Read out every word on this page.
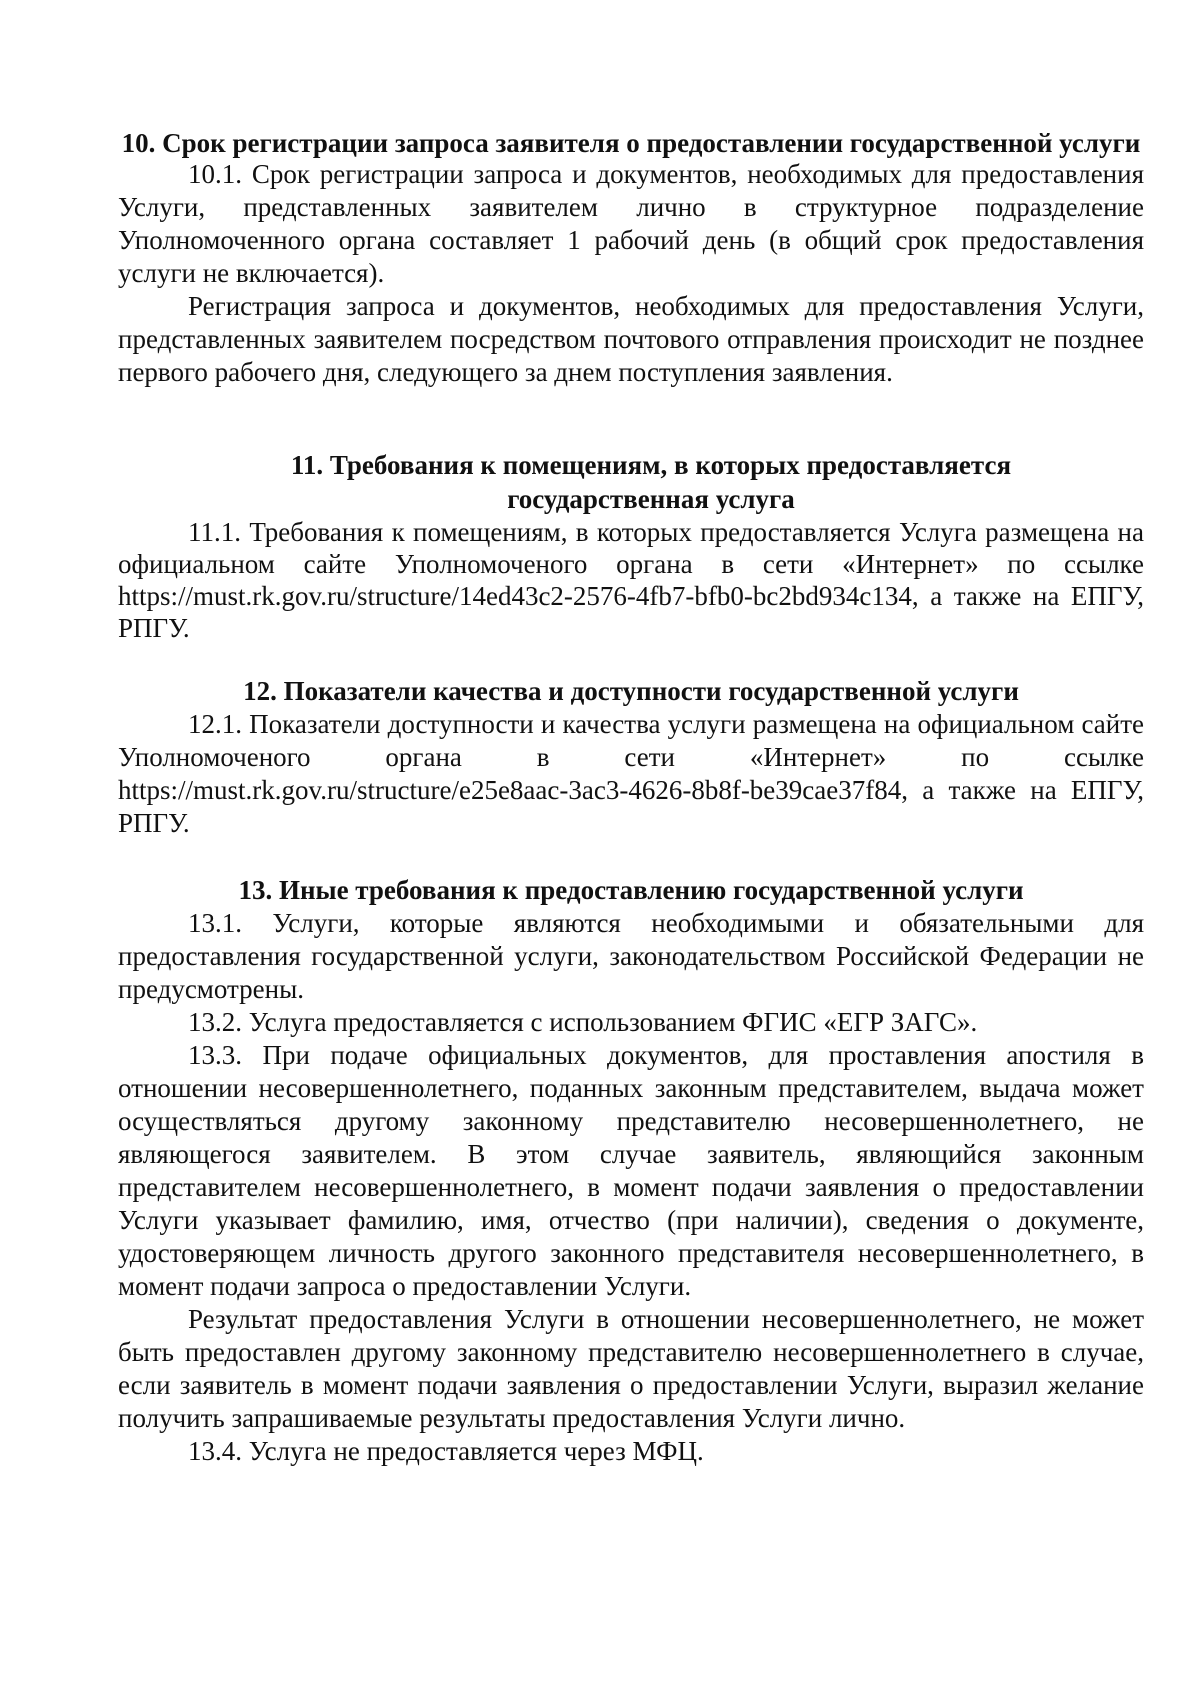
10. Срок регистрации запроса заявителя о предоставлении государственной услуги

10.1. Срок регистрации запроса и документов, необходимых для предоставления Услуги, представленных заявителем лично в структурное подразделение Уполномоченного органа составляет 1 рабочий день (в общий срок предоставления услуги не включается).

Регистрация запроса и документов, необходимых для предоставления Услуги, представленных заявителем посредством почтового отправления происходит не позднее первого рабочего дня, следующего за днем поступления заявления.

11. Требования к помещениям, в которых предоставляется государственная услуга

11.1. Требования к помещениям, в которых предоставляется Услуга размещена на официальном сайте Уполномоченого органа в сети «Интернет» по ссылке https://must.rk.gov.ru/structure/14ed43c2-2576-4fb7-bfb0-bc2bd934c134, а также на ЕПГУ, РПГУ.

12. Показатели качества и доступности государственной услуги

12.1. Показатели доступности и качества услуги размещена на официальном сайте Уполномоченого органа в сети «Интернет» по ссылке https://must.rk.gov.ru/structure/e25e8aac-3ac3-4626-8b8f-be39cae37f84, а также на ЕПГУ, РПГУ.

13. Иные требования к предоставлению государственной услуги

13.1. Услуги, которые являются необходимыми и обязательными для предоставления государственной услуги, законодательством Российской Федерации не предусмотрены.

13.2. Услуга предоставляется с использованием ФГИС «ЕГР ЗАГС».

13.3. При подаче официальных документов, для проставления апостиля в отношении несовершеннолетнего, поданных законным представителем, выдача может осуществляться другому законному представителю несовершеннолетнего, не являющегося заявителем. В этом случае заявитель, являющийся законным представителем несовершеннолетнего, в момент подачи заявления о предоставлении Услуги указывает фамилию, имя, отчество (при наличии), сведения о документе, удостоверяющем личность другого законного представителя несовершеннолетнего, в момент подачи запроса о предоставлении Услуги.

Результат предоставления Услуги в отношении несовершеннолетнего, не может быть предоставлен другому законному представителю несовершеннолетнего в случае, если заявитель в момент подачи заявления о предоставлении Услуги, выразил желание получить запрашиваемые результаты предоставления Услуги лично.

13.4. Услуга не предоставляется через МФЦ.
